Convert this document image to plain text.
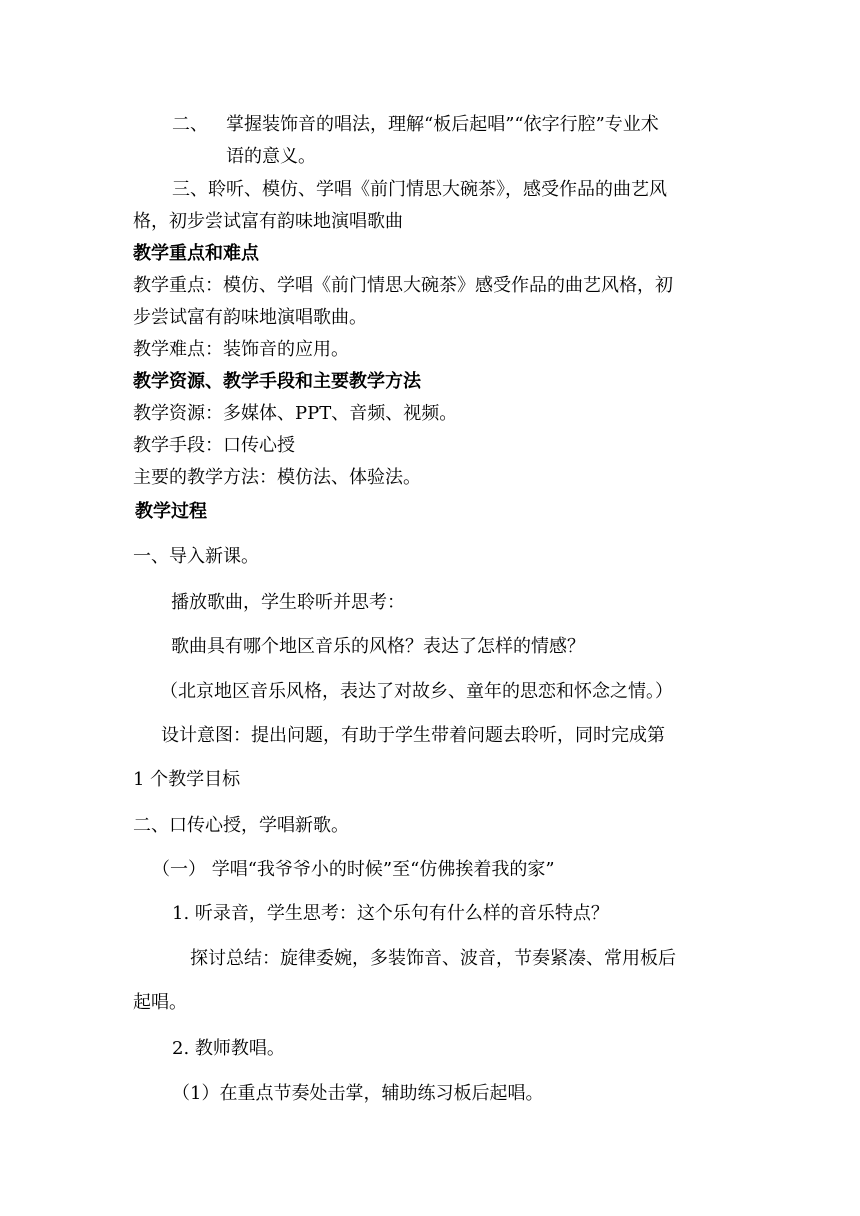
二、 掌握装饰音的唱法，理解“板后起唱”“依字行腔”专业术
语的意义。
三、聆听、模仿、学唱《前门情思大碗茶》，感受作品的曲艺风
格，初步尝试富有韵味地演唱歌曲
教学重点和难点
教学重点：模仿、学唱《前门情思大碗茶》感受作品的曲艺风格，初
步尝试富有韵味地演唱歌曲。
教学难点：装饰音的应用。
教学资源、教学手段和主要教学方法
教学资源：多媒体、PPT、音频、视频。
教学手段：口传心授
主要的教学方法：模仿法、体验法。
教学过程
一、导入新课。
播放歌曲，学生聆听并思考：
歌曲具有哪个地区音乐的风格？表达了怎样的情感？
（北京地区音乐风格，表达了对故乡、童年的思恋和怀念之情。）
设计意图：提出问题，有助于学生带着问题去聆听，同时完成第
1 个教学目标
二、口传心授，学唱新歌。
（一） 学唱“我爷爷小的时候”至“仿佛挨着我的家”
1. 听录音，学生思考：这个乐句有什么样的音乐特点？
探讨总结：旋律委婉，多装饰音、波音，节奏紧凑、常用板后
起唱。
2. 教师教唱。
（1）在重点节奏处击掌，辅助练习板后起唱。
